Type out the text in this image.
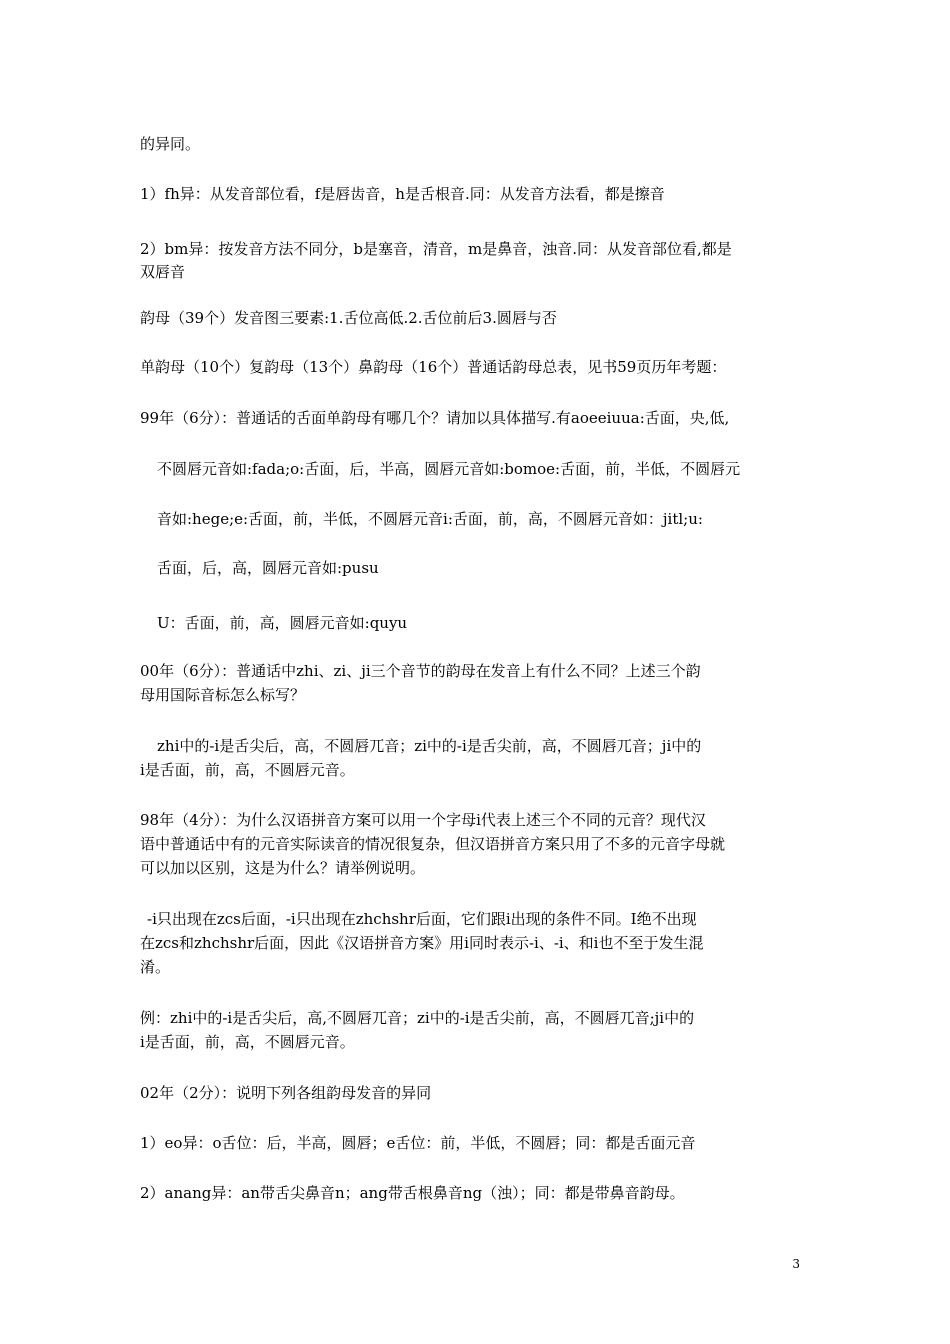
的异同。
1）fh异：从发音部位看，f是唇齿音，h是舌根音.同：从发音方法看，都是擦音
2）bm异：按发音方法不同分，b是塞音，清音，m是鼻音，浊音.同：从发音部位看,都是
双唇音
韵母（39个）发音图三要素:1.舌位高低.2.舌位前后3.圆唇与否
单韵母（10个）复韵母（13个）鼻韵母（16个）普通话韵母总表，见书59页历年考题：
99年（6分）：普通话的舌面单韵母有哪几个？请加以具体描写.有aoeeiuua:舌面，央,低,
不圆唇元音如:fada;o:舌面，后，半高，圆唇元音如:bomoe:舌面，前，半低，不圆唇元
音如:hege;e:舌面，前，半低，不圆唇元音i:舌面，前，高，不圆唇元音如：jitl;u:
舌面，后，高，圆唇元音如:pusu
U：舌面，前，高，圆唇元音如:quyu
00年（6分）：普通话中zhi、zi、ji三个音节的韵母在发音上有什么不同？上述三个韵
母用国际音标怎么标写？
zhi中的-i是舌尖后，高，不圆唇兀音；zi中的-i是舌尖前，高，不圆唇兀音；ji中的
i是舌面，前，高，不圆唇元音。
98年（4分）：为什么汉语拼音方案可以用一个字母i代表上述三个不同的元音？现代汉
语中普通话中有的元音实际读音的情况很复杂，但汉语拼音方案只用了不多的元音字母就
可以加以区别，这是为什么？请举例说明。
-i只出现在zcs后面，-i只出现在zhchshr后面，它们跟i出现的条件不同。I绝不出现
在zcs和zhchshr后面，因此《汉语拼音方案》用i同时表示-i、-i、和i也不至于发生混
淆。
例：zhi中的-i是舌尖后，高,不圆唇兀音；zi中的-i是舌尖前，高，不圆唇兀音;ji中的
i是舌面，前，高，不圆唇元音。
02年（2分）：说明下列各组韵母发音的异同
1）eo异：o舌位：后，半高，圆唇；e舌位：前，半低，不圆唇；同：都是舌面元音
2）anang异：an带舌尖鼻音n；ang带舌根鼻音ng（浊）；同：都是带鼻音韵母。
3
